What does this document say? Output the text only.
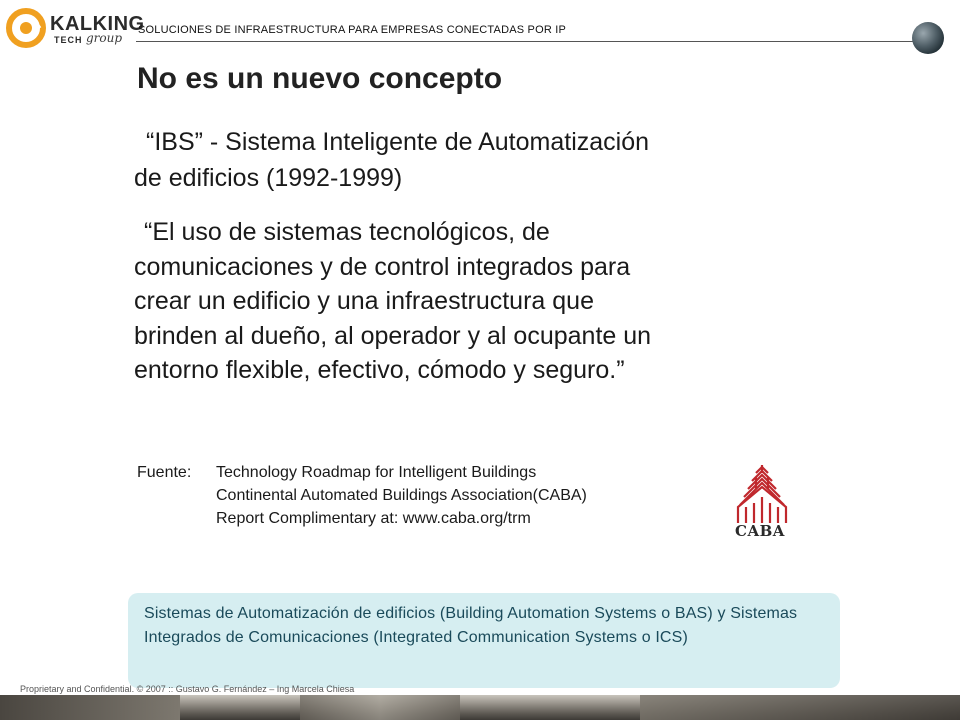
KALKING
TECH group
SOLUCIONES DE INFRAESTRUCTURA PARA EMPRESAS CONECTADAS POR IP
No es un nuevo concepto
“IBS” - Sistema Inteligente de Automatización
de edificios (1992-1999)
“El uso de sistemas tecnológicos, de
comunicaciones y de control integrados para
crear un edificio y una infraestructura que
brinden al dueño, al operador y al ocupante un
entorno flexible, efectivo, cómodo y seguro.”
Fuente: Technology Roadmap for Intelligent Buildings
Continental Automated Buildings Association(CABA)
Report Complimentary at: www.caba.org/trm
CABA

Sistemas de Automatización de edificios (Building Automation Systems o BAS) y Sistemas Integrados de Comunicaciones (Integrated Communication Systems o ICS)

Proprietary and Confidential. © 2007 :: Gustavo G. Fernández – Ing Marcela Chiesa
